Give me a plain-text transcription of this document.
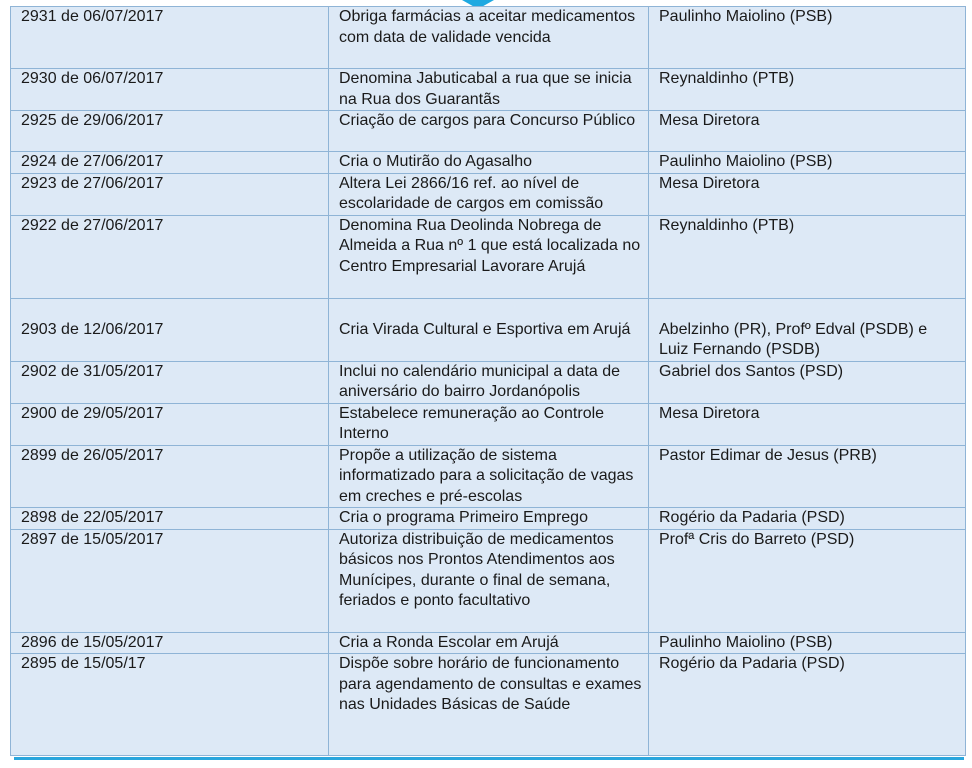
2931 de 06/07/2017	Obriga farmácias a aceitar medicamentos com data de validade vencida	Paulinho Maiolino (PSB)
2930 de 06/07/2017	Denomina Jabuticabal a rua que se inicia na Rua dos Guarantãs	Reynaldinho (PTB)
2925 de 29/06/2017	Criação de cargos para Concurso Público	Mesa Diretora
2924 de 27/06/2017	Cria o Mutirão do Agasalho	Paulinho Maiolino (PSB)
2923 de 27/06/2017	Altera Lei 2866/16 ref. ao nível de escolaridade de cargos em comissão	Mesa Diretora
2922 de 27/06/2017	Denomina Rua Deolinda Nobrega de Almeida a Rua nº 1 que está localizada no Centro Empresarial Lavorare Arujá	Reynaldinho (PTB)
2903 de 12/06/2017	Cria Virada Cultural e Esportiva em Arujá	Abelzinho (PR), Profº Edval (PSDB) e Luiz Fernando (PSDB)
2902 de 31/05/2017	Inclui no calendário municipal a data de aniversário do bairro Jordanópolis	Gabriel dos Santos (PSD)
2900 de 29/05/2017	Estabelece remuneração ao Controle Interno	Mesa Diretora
2899 de 26/05/2017	Propõe a utilização de sistema informatizado para a solicitação de vagas em creches e pré-escolas	Pastor Edimar de Jesus (PRB)
2898 de 22/05/2017	Cria o programa Primeiro Emprego	Rogério da Padaria (PSD)
2897 de 15/05/2017	Autoriza distribuição de medicamentos básicos nos Prontos Atendimentos aos Munícipes, durante o final de semana, feriados e ponto facultativo	Profª Cris do Barreto (PSD)
2896 de 15/05/2017	Cria a Ronda Escolar em Arujá	Paulinho Maiolino (PSB)
2895 de 15/05/17	Dispõe sobre horário de funcionamento para agendamento de consultas e exames nas Unidades Básicas de Saúde	Rogério da Padaria (PSD)
